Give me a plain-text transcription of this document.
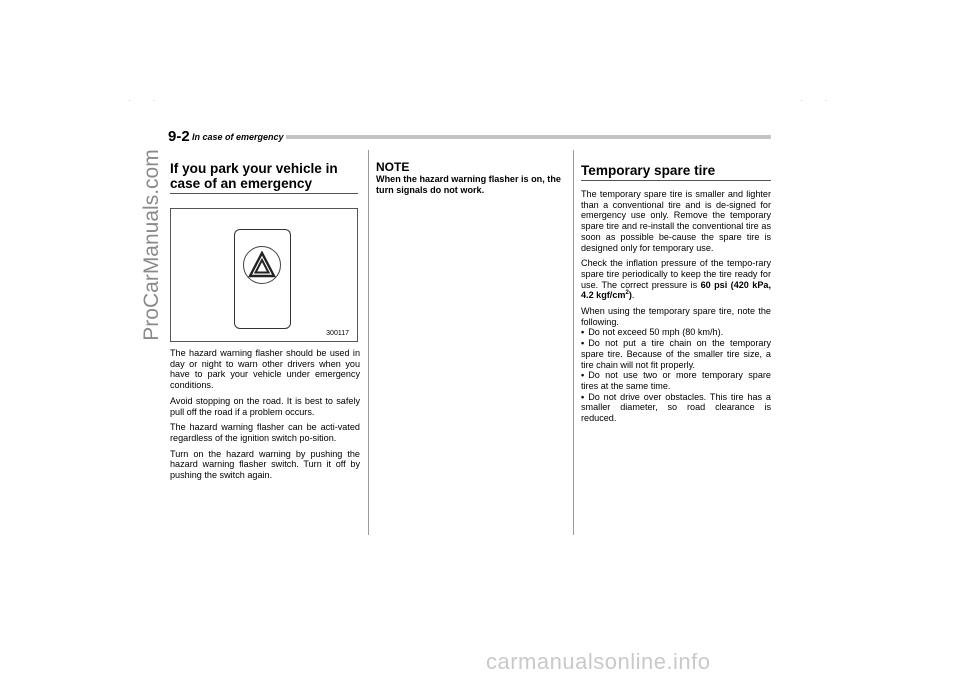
· ·	· ·
ProCarManuals.com
9-2 In case of emergency
If you park your vehicle in case of an emergency
300117

The hazard warning flasher should be used in day or night to warn other drivers when you have to park your vehicle under emergency conditions.

Avoid stopping on the road. It is best to safely pull off the road if a problem occurs.

The hazard warning flasher can be acti-vated regardless of the ignition switch po-sition.

Turn on the hazard warning by pushing the hazard warning flasher switch. Turn it off by pushing the switch again.

NOTE
When the hazard warning flasher is on, the turn signals do not work.
Temporary spare tire

The temporary spare tire is smaller and lighter than a conventional tire and is de-signed for emergency use only. Remove the temporary spare tire and re-install the conventional tire as soon as possible be-cause the spare tire is designed only for temporary use.

Check the inflation pressure of the tempo-rary spare tire periodically to keep the tire ready for use. The correct pressure is 60 psi (420 kPa, 4.2 kgf/$cm^2$).

When using the temporary spare tire, note the following.

• Do not exceed 50 mph (80 km/h).

• Do not put a tire chain on the temporary spare tire. Because of the smaller tire size, a tire chain will not fit properly.

• Do not use two or more temporary spare tires at the same time.

• Do not drive over obstacles. This tire has a smaller diameter, so road clearance is reduced.

carmanualsonline.info
